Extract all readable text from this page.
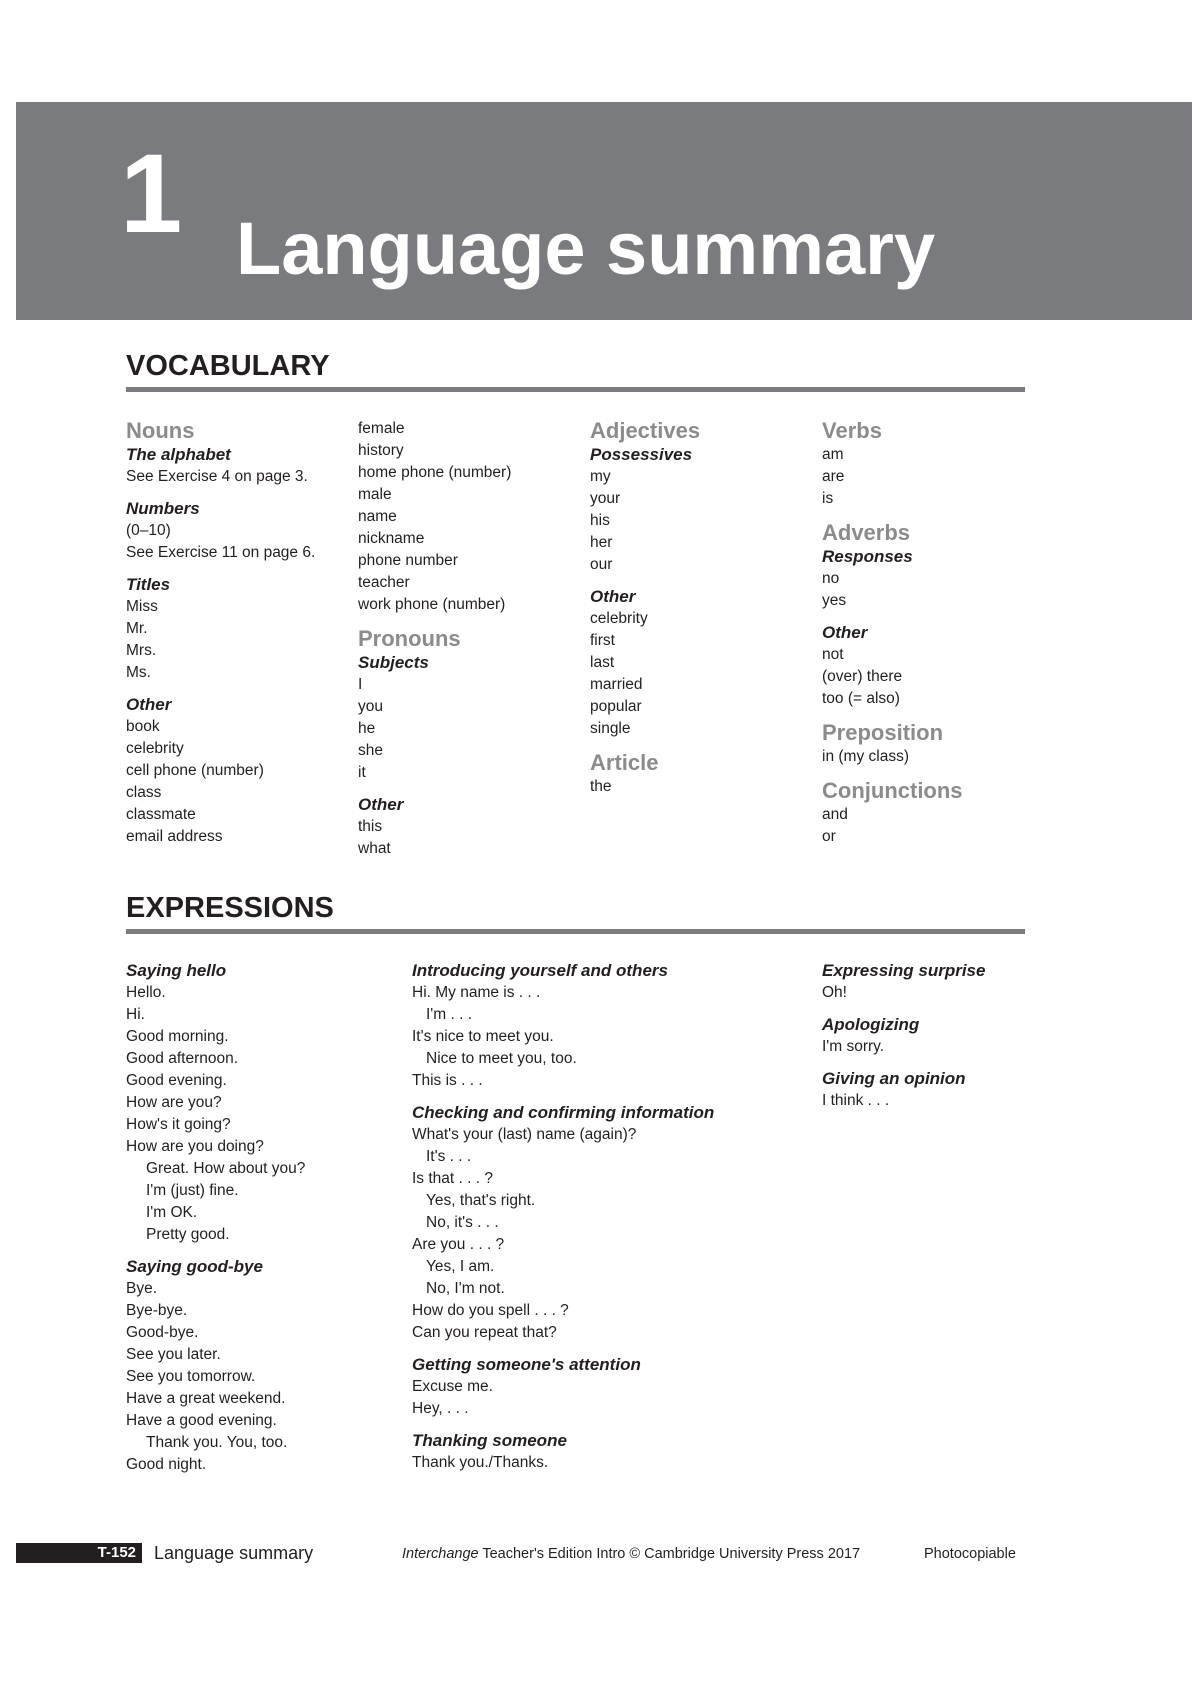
1 Language summary
VOCABULARY
Nouns
The alphabet
See Exercise 4 on page 3.
Numbers
(0–10)
See Exercise 11 on page 6.
Titles
Miss
Mr.
Mrs.
Ms.
Other
book
celebrity
cell phone (number)
class
classmate
email address
female
history
home phone (number)
male
name
nickname
phone number
teacher
work phone (number)
Pronouns
Subjects
I
you
he
she
it
Other
this
what
Adjectives
Possessives
my
your
his
her
our
Other
celebrity
first
last
married
popular
single
Article
the
Verbs
am
are
is
Adverbs
Responses
no
yes
Other
not
(over) there
too (= also)
Preposition
in (my class)
Conjunctions
and
or
EXPRESSIONS
Saying hello
Hello.
Hi.
Good morning.
Good afternoon.
Good evening.
How are you?
How's it going?
How are you doing?
Great. How about you?
I'm (just) fine.
I'm OK.
Pretty good.
Saying good-bye
Bye.
Bye-bye.
Good-bye.
See you later.
See you tomorrow.
Have a great weekend.
Have a good evening.
Thank you. You, too.
Good night.
Introducing yourself and others
Hi. My name is . . .
I'm . . .
It's nice to meet you.
Nice to meet you, too.
This is . . .
Checking and confirming information
What's your (last) name (again)?
It's . . .
Is that . . . ?
Yes, that's right.
No, it's . . .
Are you . . . ?
Yes, I am.
No, I'm not.
How do you spell . . . ?
Can you repeat that?
Getting someone's attention
Excuse me.
Hey, . . .
Thanking someone
Thank you./Thanks.
Expressing surprise
Oh!
Apologizing
I'm sorry.
Giving an opinion
I think . . .
T-152	Language summary	Interchange Teacher's Edition Intro © Cambridge University Press 2017	Photocopiable
